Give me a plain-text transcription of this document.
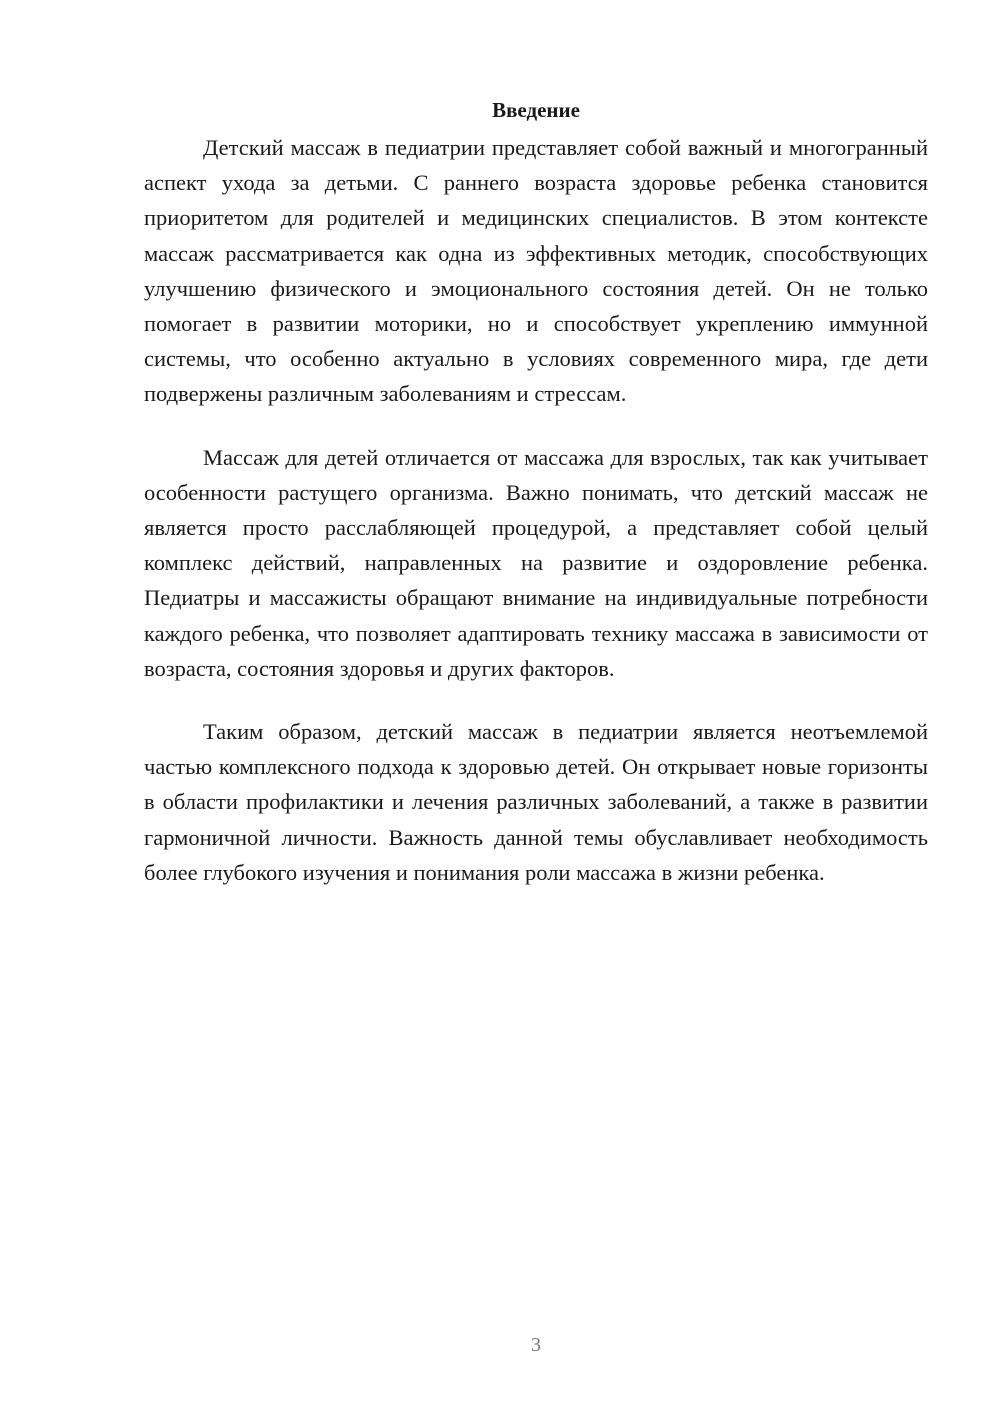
Введение

Детский массаж в педиатрии представляет собой важный и многогранный аспект ухода за детьми. С раннего возраста здоровье ребенка становится приоритетом для родителей и медицинских специалистов. В этом контексте массаж рассматривается как одна из эффективных методик, способствующих улучшению физического и эмоционального состояния детей. Он не только помогает в развитии моторики, но и способствует укреплению иммунной системы, что особенно актуально в условиях современного мира, где дети подвержены различным заболеваниям и стрессам.

Массаж для детей отличается от массажа для взрослых, так как учитывает особенности растущего организма. Важно понимать, что детский массаж не является просто расслабляющей процедурой, а представляет собой целый комплекс действий, направленных на развитие и оздоровление ребенка. Педиатры и массажисты обращают внимание на индивидуальные потребности каждого ребенка, что позволяет адаптировать технику массажа в зависимости от возраста, состояния здоровья и других факторов.

Таким образом, детский массаж в педиатрии является неотъемлемой частью комплексного подхода к здоровью детей. Он открывает новые горизонты в области профилактики и лечения различных заболеваний, а также в развитии гармоничной личности. Важность данной темы обуславливает необходимость более глубокого изучения и понимания роли массажа в жизни ребенка.

3
